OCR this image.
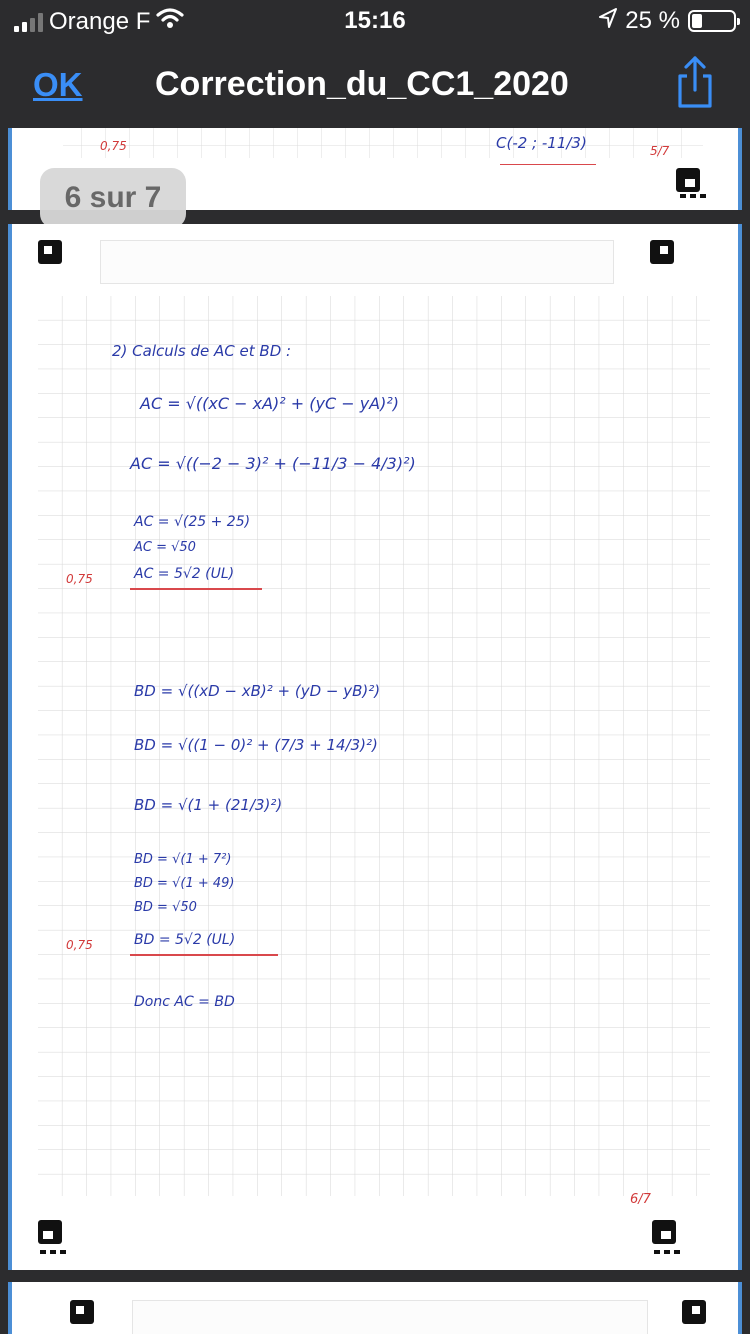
Orange F	15:16	25 %
OK Correction_du_CC1_2020
0,75	C(-2 ; -11/3)	5/7
6 sur 7
2) Calculs de AC et BD :
AC = √((xC − xA)² + (yC − yA)²)
AC = √((−2 − 3)² + (−11/3 − 4/3)²)
AC = √(25 + 25)
AC = √50
AC = 5√2 (UL)
0,75
BD = √((xD − xB)² + (yD − yB)²)
BD = √((1 − 0)² + (7/3 + 14/3)²)
BD = √(1 + (21/3)²)
BD = √(1 + 7²)
BD = √(1 + 49)
BD = √50
BD = 5√2 (UL)
0,75
Donc AC = BD
6/7
